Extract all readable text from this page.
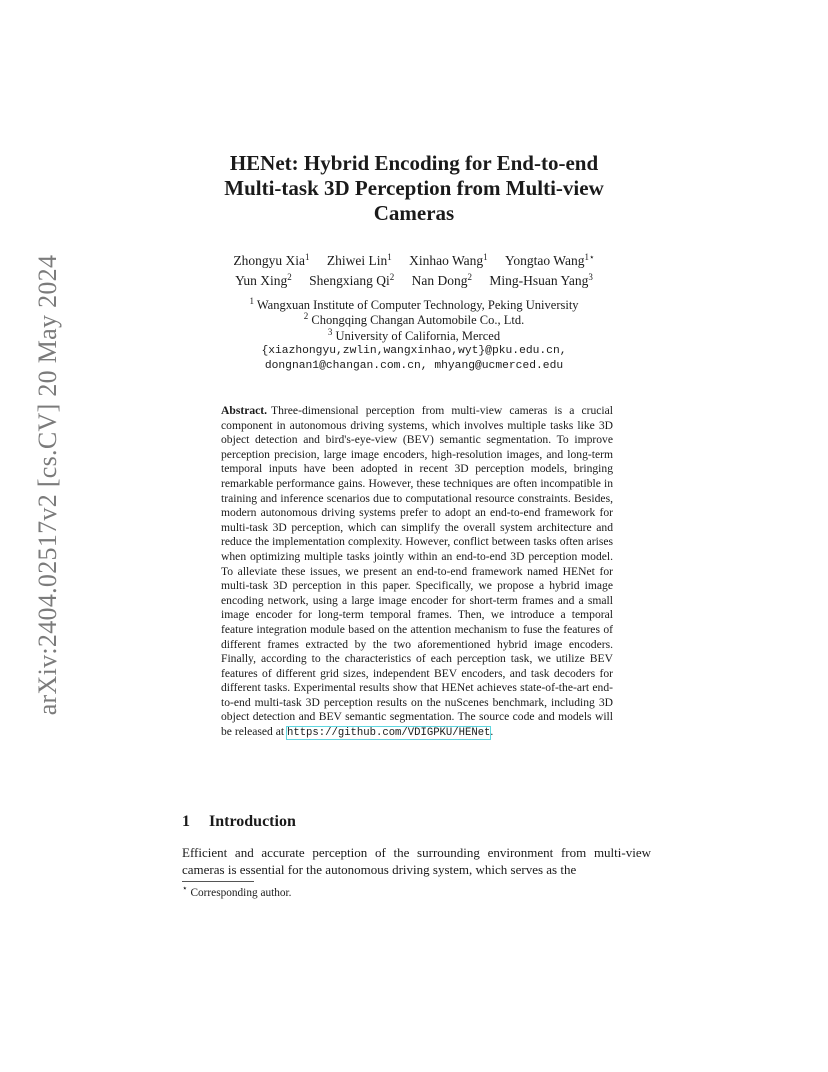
arXiv:2404.02517v2 [cs.CV] 20 May 2024
HENet: Hybrid Encoding for End-to-end
Multi-task 3D Perception from Multi-view
Cameras
Zhongyu Xia$^1$ Zhiwei Lin$^1$ Xinhao Wang$^1$ Yongtao Wang$^{1⋆}$
Yun Xing$^2$ Shengxiang Qi$^2$ Nan Dong$^2$ Ming-Hsuan Yang$^3$
$^1$ Wangxuan Institute of Computer Technology, Peking University
$^2$ Chongqing Changan Automobile Co., Ltd.
$^3$ University of California, Merced
{xiazhongyu,zwlin,wangxinhao,wyt}@pku.edu.cn,
dongnan1@changan.com.cn, mhyang@ucmerced.edu
Abstract. Three-dimensional perception from multi-view cameras is a crucial component in autonomous driving systems, which involves multiple tasks like 3D object detection and bird's-eye-view (BEV) semantic segmentation. To improve perception precision, large image encoders, high-resolution images, and long-term temporal inputs have been adopted in recent 3D perception models, bringing remarkable performance gains. However, these techniques are often incompatible in training and inference scenarios due to computational resource constraints. Besides, modern autonomous driving systems prefer to adopt an end-to-end framework for multi-task 3D perception, which can simplify the overall system architecture and reduce the implementation complexity. However, conflict between tasks often arises when optimizing multiple tasks jointly within an end-to-end 3D perception model. To alleviate these issues, we present an end-to-end framework named HENet for multi-task 3D perception in this paper. Specifically, we propose a hybrid image encoding network, using a large image encoder for short-term frames and a small image encoder for long-term temporal frames. Then, we introduce a temporal feature integration module based on the attention mechanism to fuse the features of different frames extracted by the two aforementioned hybrid image encoders. Finally, according to the characteristics of each perception task, we utilize BEV features of different grid sizes, independent BEV encoders, and task decoders for different tasks. Experimental results show that HENet achieves state-of-the-art end-to-end multi-task 3D perception results on the nuScenes benchmark, including 3D object detection and BEV semantic segmentation. The source code and models will be released at https://github.com/VDIGPKU/HENet.
1 Introduction
Efficient and accurate perception of the surrounding environment from multi-view cameras is essential for the autonomous driving system, which serves as the
⋆ Corresponding author.
